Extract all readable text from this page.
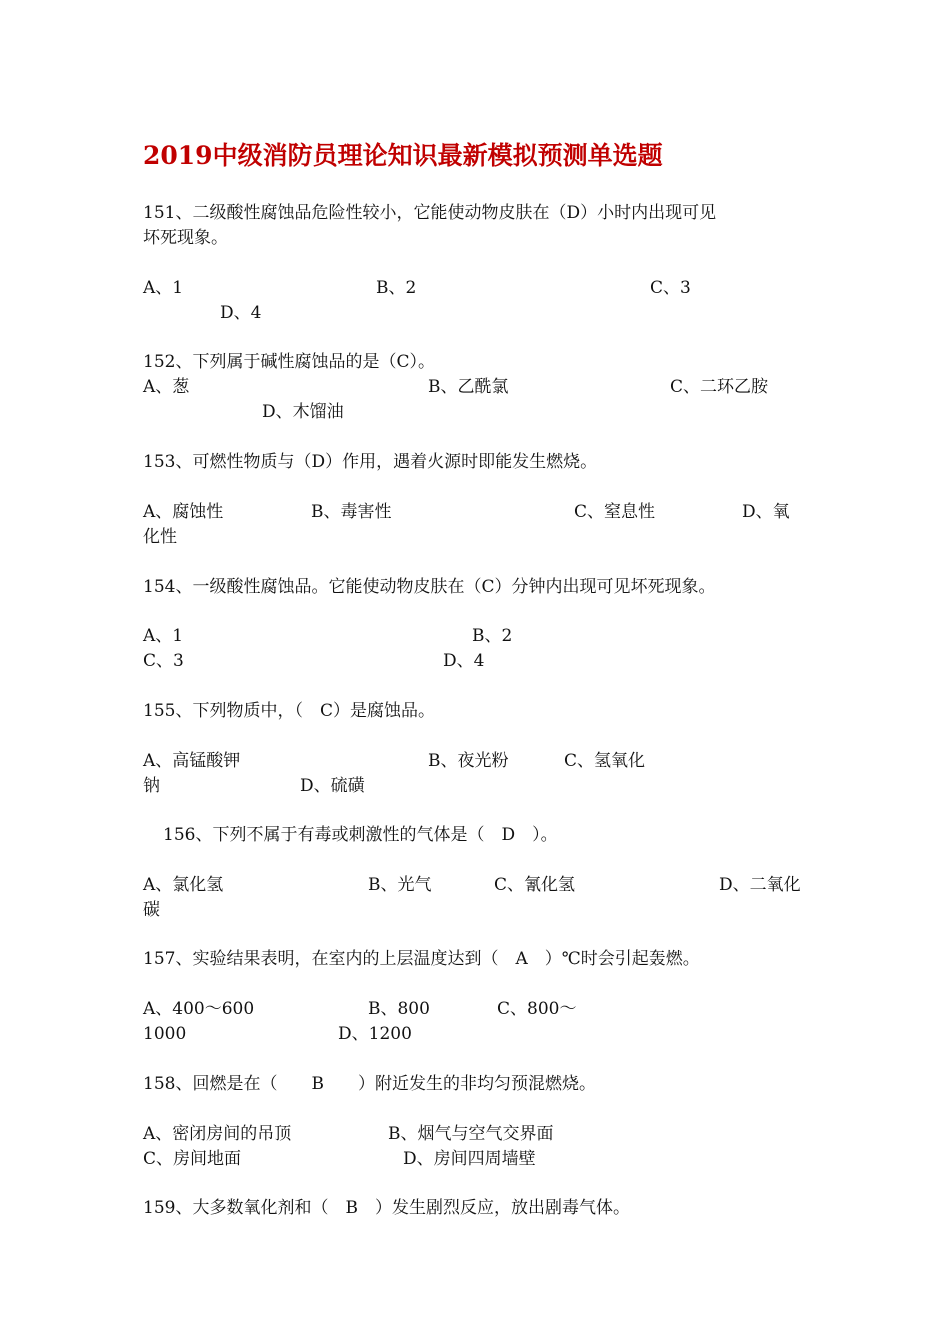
2019中级消防员理论知识最新模拟预测单选题
151、二级酸性腐蚀品危险性较小，它能使动物皮肤在（D）小时内出现可见
坏死现象。
A、1	B、2	C、3
D、4
152、下列属于碱性腐蚀品的是（C）。
A、葱	B、乙酰氯	C、二环乙胺
D、木馏油
153、可燃性物质与（D）作用，遇着火源时即能发生燃烧。
A、腐蚀性	B、毒害性	C、窒息性	D、氧
化性
154、一级酸性腐蚀品。它能使动物皮肤在（C）分钟内出现可见坏死现象。
A、1	B、2
C、3	D、4
155、下列物质中，（　C）是腐蚀品。
A、高锰酸钾	B、夜光粉	C、氢氧化
钠	D、硫磺
156、下列不属于有毒或刺激性的气体是（　D　）。
A、氯化氢	B、光气	C、氰化氢	D、二氧化
碳
157、实验结果表明，在室内的上层温度达到（　A　）℃时会引起轰燃。
A、400～600	B、800	C、800～
1000	D、1200
158、回燃是在（　　B　　）附近发生的非均匀预混燃烧。
A、密闭房间的吊顶	B、烟气与空气交界面
C、房间地面	D、房间四周墙壁
159、大多数氧化剂和（　B　）发生剧烈反应，放出剧毒气体。
